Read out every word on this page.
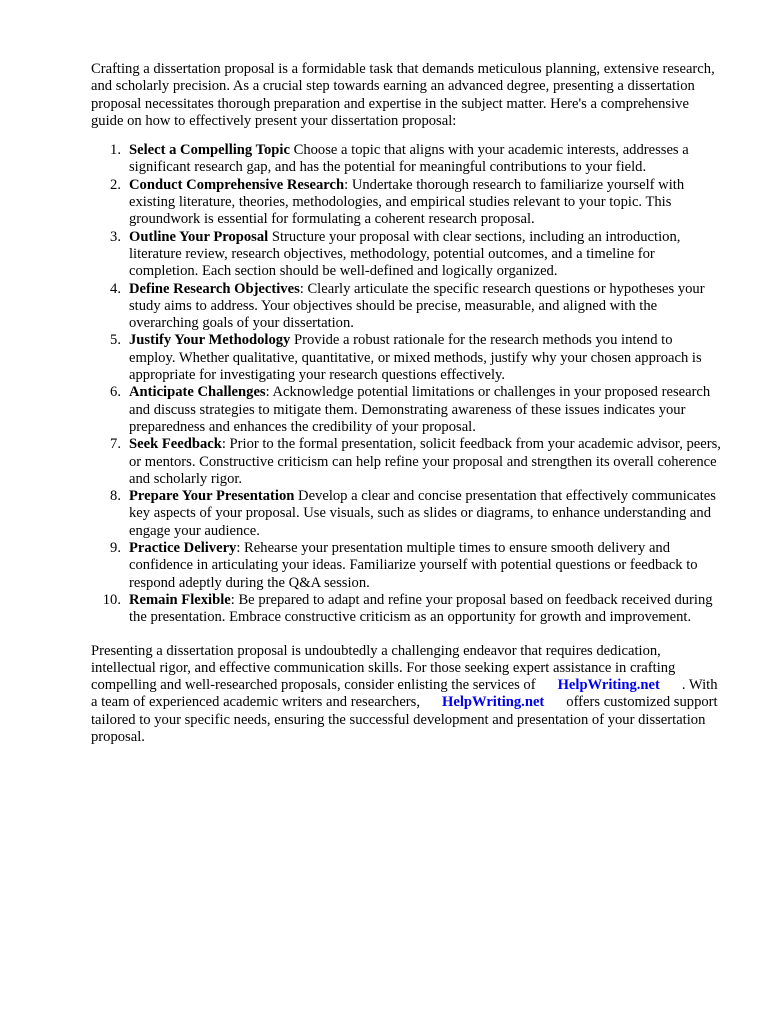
Crafting a dissertation proposal is a formidable task that demands meticulous planning, extensive research, and scholarly precision. As a crucial step towards earning an advanced degree, presenting a dissertation proposal necessitates thorough preparation and expertise in the subject matter. Here's a comprehensive guide on how to effectively present your dissertation proposal:

1. Select a Compelling Topic Choose a topic that aligns with your academic interests, addresses a significant research gap, and has the potential for meaningful contributions to your field.
2. Conduct Comprehensive Research: Undertake thorough research to familiarize yourself with existing literature, theories, methodologies, and empirical studies relevant to your topic. This groundwork is essential for formulating a coherent research proposal.
3. Outline Your Proposal Structure your proposal with clear sections, including an introduction, literature review, research objectives, methodology, potential outcomes, and a timeline for completion. Each section should be well-defined and logically organized.
4. Define Research Objectives: Clearly articulate the specific research questions or hypotheses your study aims to address. Your objectives should be precise, measurable, and aligned with the overarching goals of your dissertation.
5. Justify Your Methodology Provide a robust rationale for the research methods you intend to employ. Whether qualitative, quantitative, or mixed methods, justify why your chosen approach is appropriate for investigating your research questions effectively.
6. Anticipate Challenges: Acknowledge potential limitations or challenges in your proposed research and discuss strategies to mitigate them. Demonstrating awareness of these issues indicates your preparedness and enhances the credibility of your proposal.
7. Seek Feedback: Prior to the formal presentation, solicit feedback from your academic advisor, peers, or mentors. Constructive criticism can help refine your proposal and strengthen its overall coherence and scholarly rigor.
8. Prepare Your Presentation Develop a clear and concise presentation that effectively communicates key aspects of your proposal. Use visuals, such as slides or diagrams, to enhance understanding and engage your audience.
9. Practice Delivery: Rehearse your presentation multiple times to ensure smooth delivery and confidence in articulating your ideas. Familiarize yourself with potential questions or feedback to respond adeptly during the Q&A session.
10. Remain Flexible: Be prepared to adapt and refine your proposal based on feedback received during the presentation. Embrace constructive criticism as an opportunity for growth and improvement.

Presenting a dissertation proposal is undoubtedly a challenging endeavor that requires dedication, intellectual rigor, and effective communication skills. For those seeking expert assistance in crafting compelling and well-researched proposals, consider enlisting the services of HelpWriting.net . With a team of experienced academic writers and researchers, HelpWriting.net offers customized support tailored to your specific needs, ensuring the successful development and presentation of your dissertation proposal.
